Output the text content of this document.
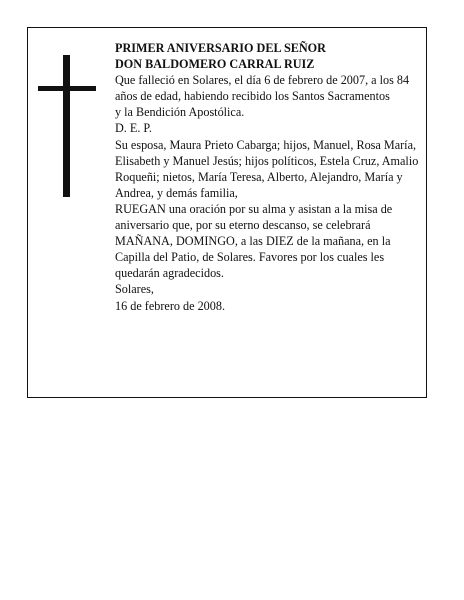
PRIMER ANIVERSARIO DEL SEÑOR

DON BALDOMERO CARRAL RUIZ

Que falleció en Solares, el día 6 de febrero de 2007, a los 84 años de edad, habiendo recibido los Santos Sacramentos

y la Bendición Apostólica.

D. E. P.

Su esposa, Maura Prieto Cabarga; hijos, Manuel, Rosa María, Elisabeth y Manuel Jesús; hijos políticos, Estela Cruz, Amalio Roqueñi; nietos, María Teresa, Alberto, Alejandro, María y Andrea, y demás familia,

RUEGAN una oración por su alma y asistan a la misa de aniversario que, por su eterno descanso, se celebrará MAÑANA, DOMINGO, a las DIEZ de la mañana, en la Capilla del Patio, de Solares. Favores por los cuales les quedarán agradecidos.

Solares,

16 de febrero de 2008.
